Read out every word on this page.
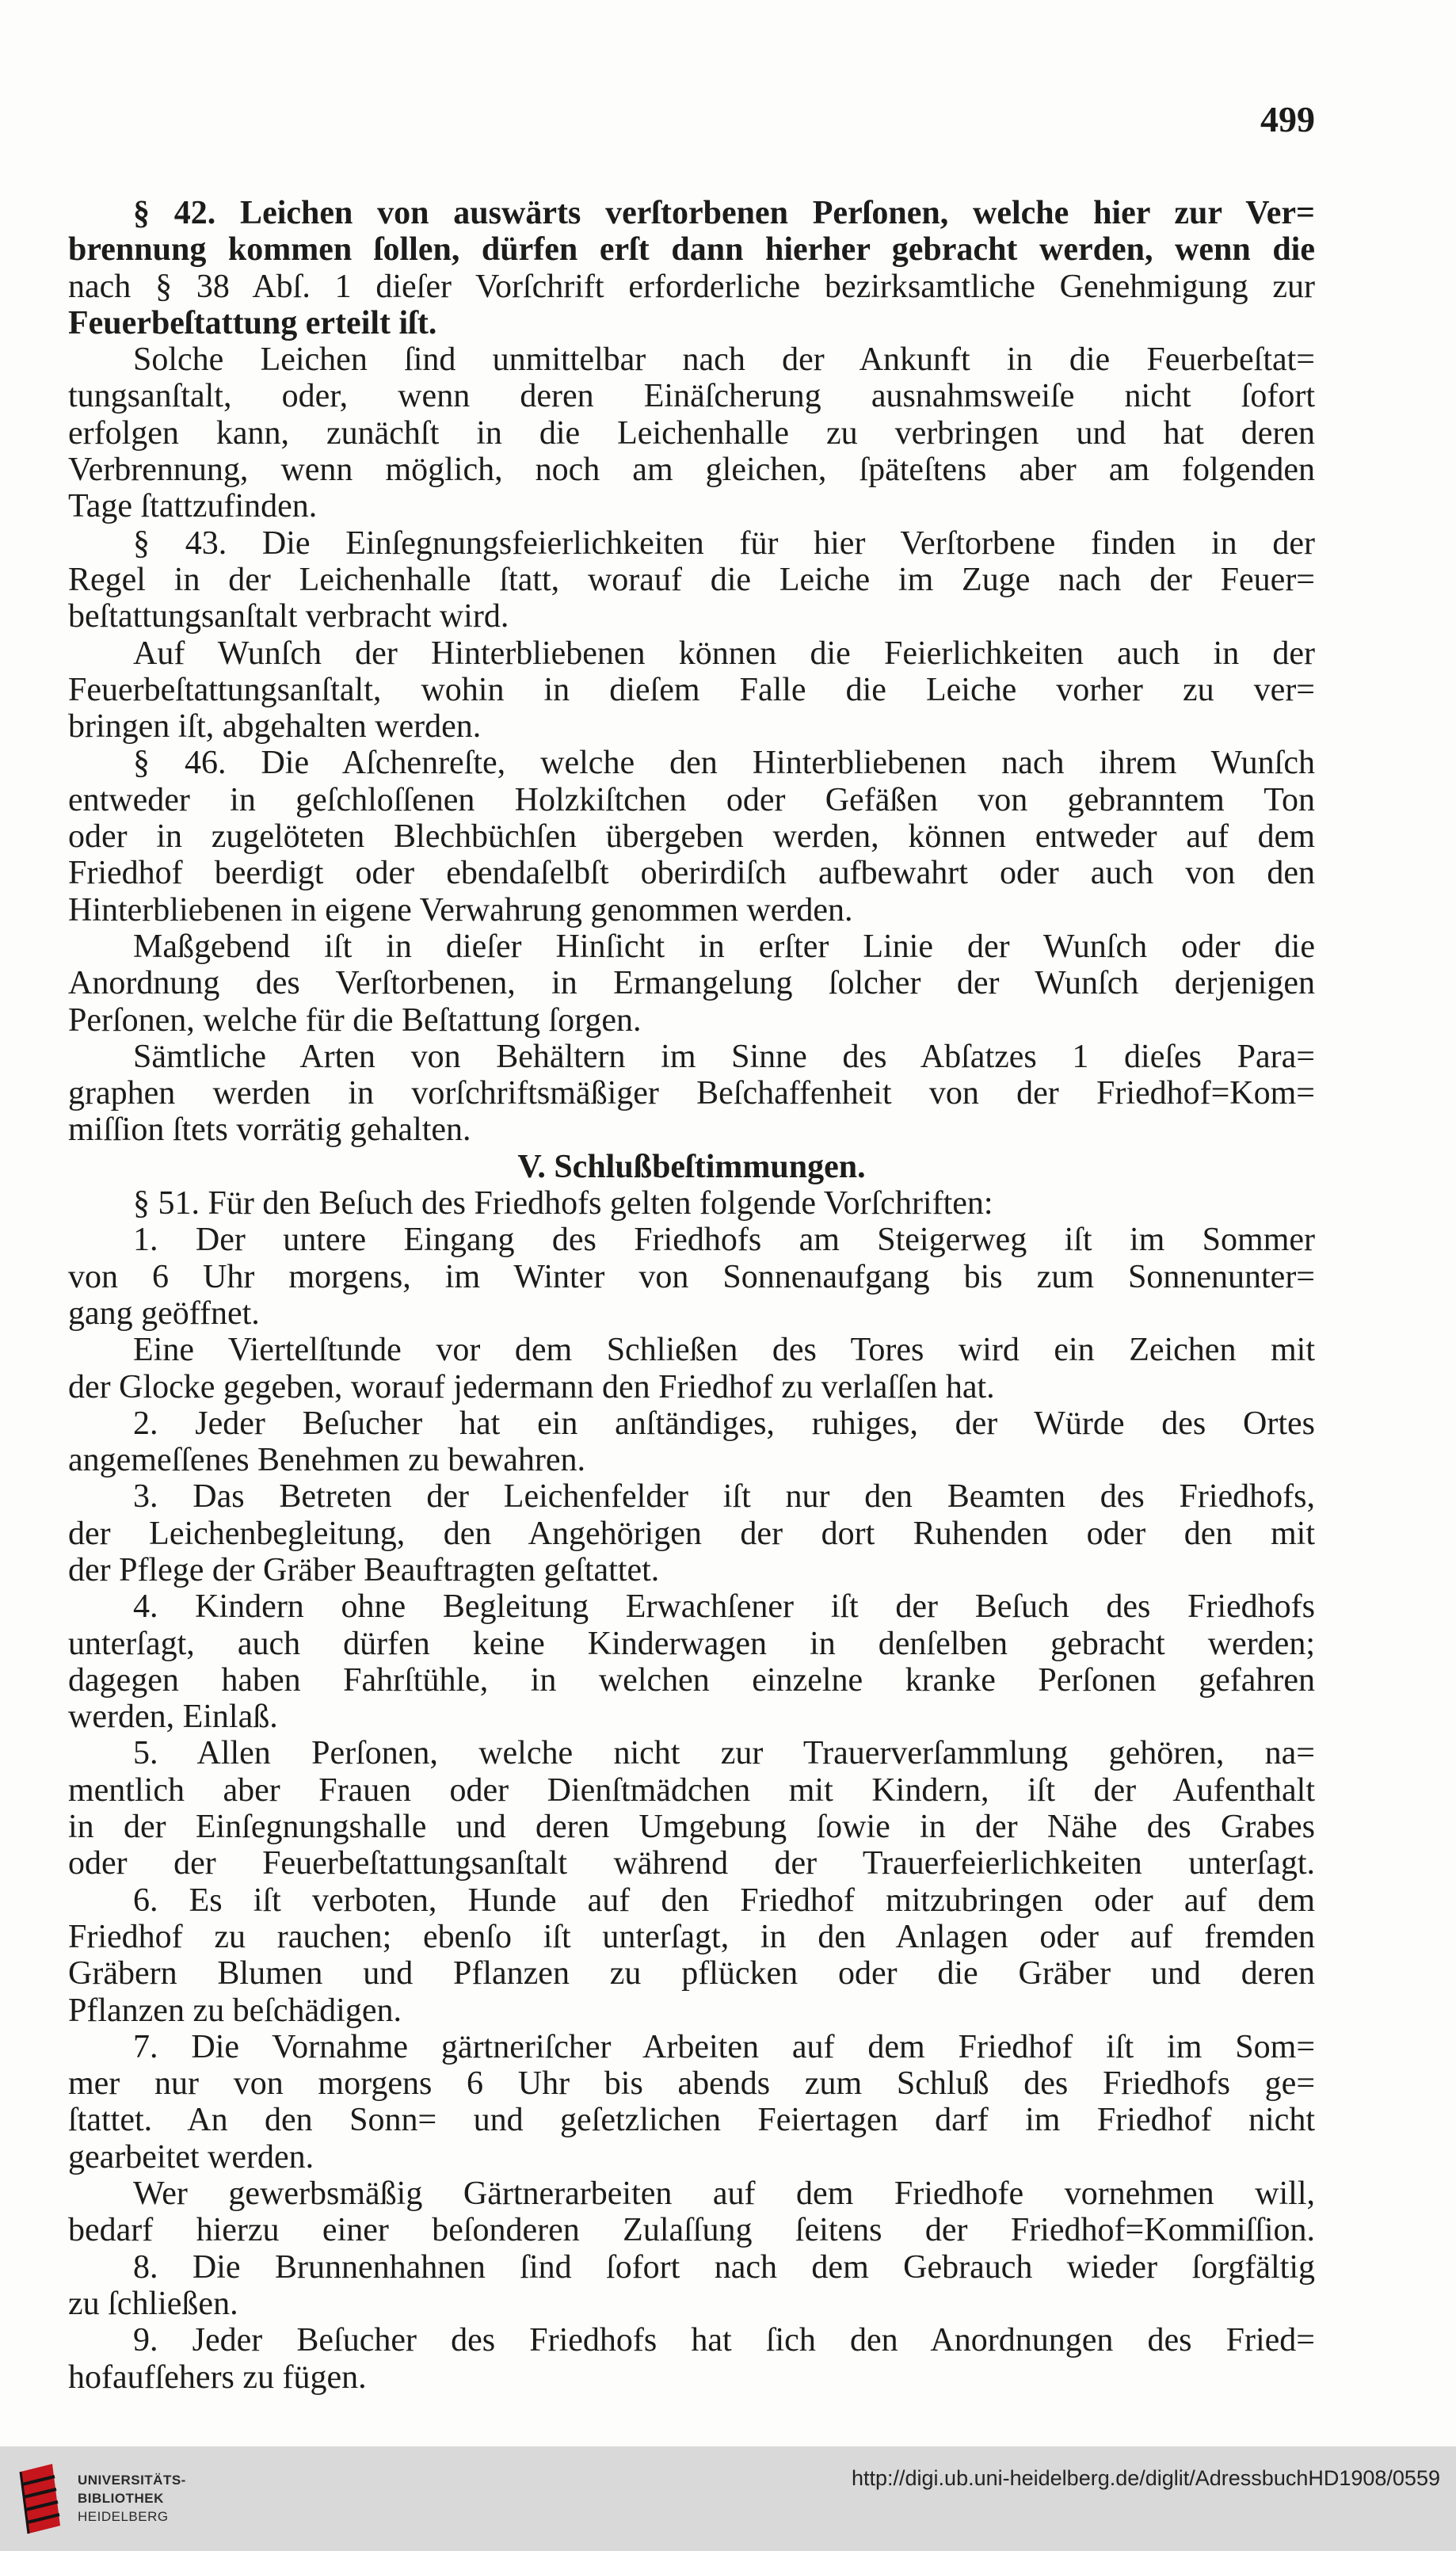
499
§ 42. Leichen von auswärts verſtorbenen Perſonen, welche hier zur Ver=
brennung kommen ſollen, dürfen erſt dann hierher gebracht werden, wenn die
nach § 38 Abſ. 1 dieſer Vorſchrift erforderliche bezirksamtliche Genehmigung zur
Feuerbeſtattung erteilt iſt.
Solche Leichen ſind unmittelbar nach der Ankunft in die Feuerbeſtat=
tungsanſtalt, oder, wenn deren Einäſcherung ausnahmsweiſe nicht ſofort
erfolgen kann, zunächſt in die Leichenhalle zu verbringen und hat deren
Verbrennung, wenn möglich, noch am gleichen, ſpäteſtens aber am folgenden
Tage ſtattzufinden.
§ 43. Die Einſegnungsfeierlichkeiten für hier Verſtorbene finden in der
Regel in der Leichenhalle ſtatt, worauf die Leiche im Zuge nach der Feuer=
beſtattungsanſtalt verbracht wird.
Auf Wunſch der Hinterbliebenen können die Feierlichkeiten auch in der
Feuerbeſtattungsanſtalt, wohin in dieſem Falle die Leiche vorher zu ver=
bringen iſt, abgehalten werden.
§ 46. Die Aſchenreſte, welche den Hinterbliebenen nach ihrem Wunſch
entweder in geſchloſſenen Holzkiſtchen oder Gefäßen von gebranntem Ton
oder in zugelöteten Blechbüchſen übergeben werden, können entweder auf dem
Friedhof beerdigt oder ebendaſelbſt oberirdiſch aufbewahrt oder auch von den
Hinterbliebenen in eigene Verwahrung genommen werden.
Maßgebend iſt in dieſer Hinſicht in erſter Linie der Wunſch oder die
Anordnung des Verſtorbenen, in Ermangelung ſolcher der Wunſch derjenigen
Perſonen, welche für die Beſtattung ſorgen.
Sämtliche Arten von Behältern im Sinne des Abſatzes 1 dieſes Para=
graphen werden in vorſchriftsmäßiger Beſchaffenheit von der Friedhof=Kom=
miſſion ſtets vorrätig gehalten.
V. Schlußbeſtimmungen.
§ 51. Für den Beſuch des Friedhofs gelten folgende Vorſchriften:
1. Der untere Eingang des Friedhofs am Steigerweg iſt im Sommer
von 6 Uhr morgens, im Winter von Sonnenaufgang bis zum Sonnenunter=
gang geöffnet.
Eine Viertelſtunde vor dem Schließen des Tores wird ein Zeichen mit
der Glocke gegeben, worauf jedermann den Friedhof zu verlaſſen hat.
2. Jeder Beſucher hat ein anſtändiges, ruhiges, der Würde des Ortes
angemeſſenes Benehmen zu bewahren.
3. Das Betreten der Leichenfelder iſt nur den Beamten des Friedhofs,
der Leichenbegleitung, den Angehörigen der dort Ruhenden oder den mit
der Pflege der Gräber Beauftragten geſtattet.
4. Kindern ohne Begleitung Erwachſener iſt der Beſuch des Friedhofs
unterſagt, auch dürfen keine Kinderwagen in denſelben gebracht werden;
dagegen haben Fahrſtühle, in welchen einzelne kranke Perſonen gefahren
werden, Einlaß.
5. Allen Perſonen, welche nicht zur Trauerverſammlung gehören, na=
mentlich aber Frauen oder Dienſtmädchen mit Kindern, iſt der Aufenthalt
in der Einſegnungshalle und deren Umgebung ſowie in der Nähe des Grabes
oder der Feuerbeſtattungsanſtalt während der Trauerfeierlichkeiten unterſagt.
6. Es iſt verboten, Hunde auf den Friedhof mitzubringen oder auf dem
Friedhof zu rauchen; ebenſo iſt unterſagt, in den Anlagen oder auf fremden
Gräbern Blumen und Pflanzen zu pflücken oder die Gräber und deren
Pflanzen zu beſchädigen.
7. Die Vornahme gärtneriſcher Arbeiten auf dem Friedhof iſt im Som=
mer nur von morgens 6 Uhr bis abends zum Schluß des Friedhofs ge=
ſtattet. An den Sonn= und geſetzlichen Feiertagen darf im Friedhof nicht
gearbeitet werden.
Wer gewerbsmäßig Gärtnerarbeiten auf dem Friedhofe vornehmen will,
bedarf hierzu einer beſonderen Zulaſſung ſeitens der Friedhof=Kommiſſion.
8. Die Brunnenhahnen ſind ſofort nach dem Gebrauch wieder ſorgfältig
zu ſchließen.
9. Jeder Beſucher des Friedhofs hat ſich den Anordnungen des Fried=
hofaufſehers zu fügen.
UNIVERSITÄTS-
BIBLIOTHEK
HEIDELBERG
http://digi.ub.uni-heidelberg.de/diglit/AdressbuchHD1908/0559
